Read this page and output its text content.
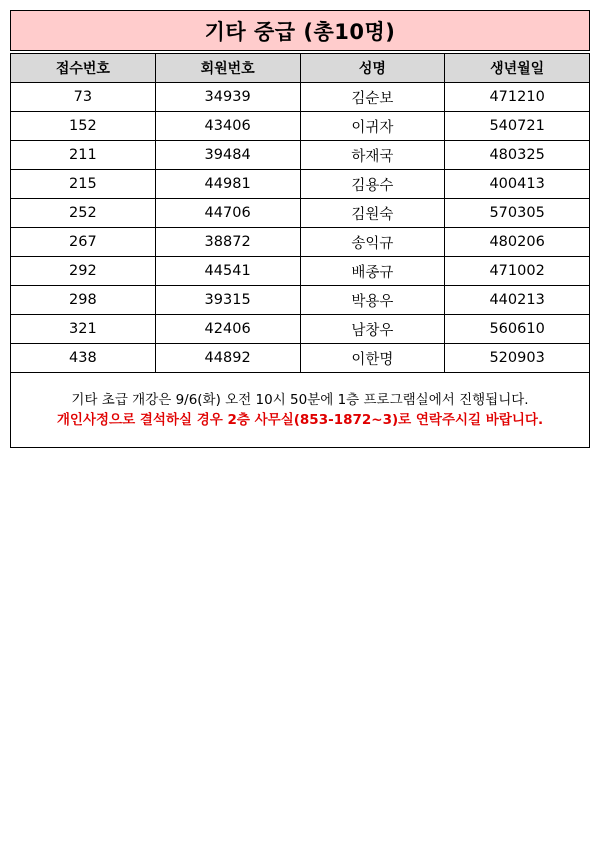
기타 중급 (총10명)
접수번호	회원번호	성명	생년월일
73	34939	김순보	471210
152	43406	이귀자	540721
211	39484	하재국	480325
215	44981	김용수	400413
252	44706	김원숙	570305
267	38872	송익규	480206
292	44541	배종규	471002
298	39315	박용우	440213
321	42406	남창우	560610
438	44892	이한명	520903
기타 초급 개강은 9/6(화) 오전 10시 50분에 1층 프로그램실에서 진행됩니다.
개인사정으로 결석하실 경우 2층 사무실(853-1872~3)로 연락주시길 바랍니다.
